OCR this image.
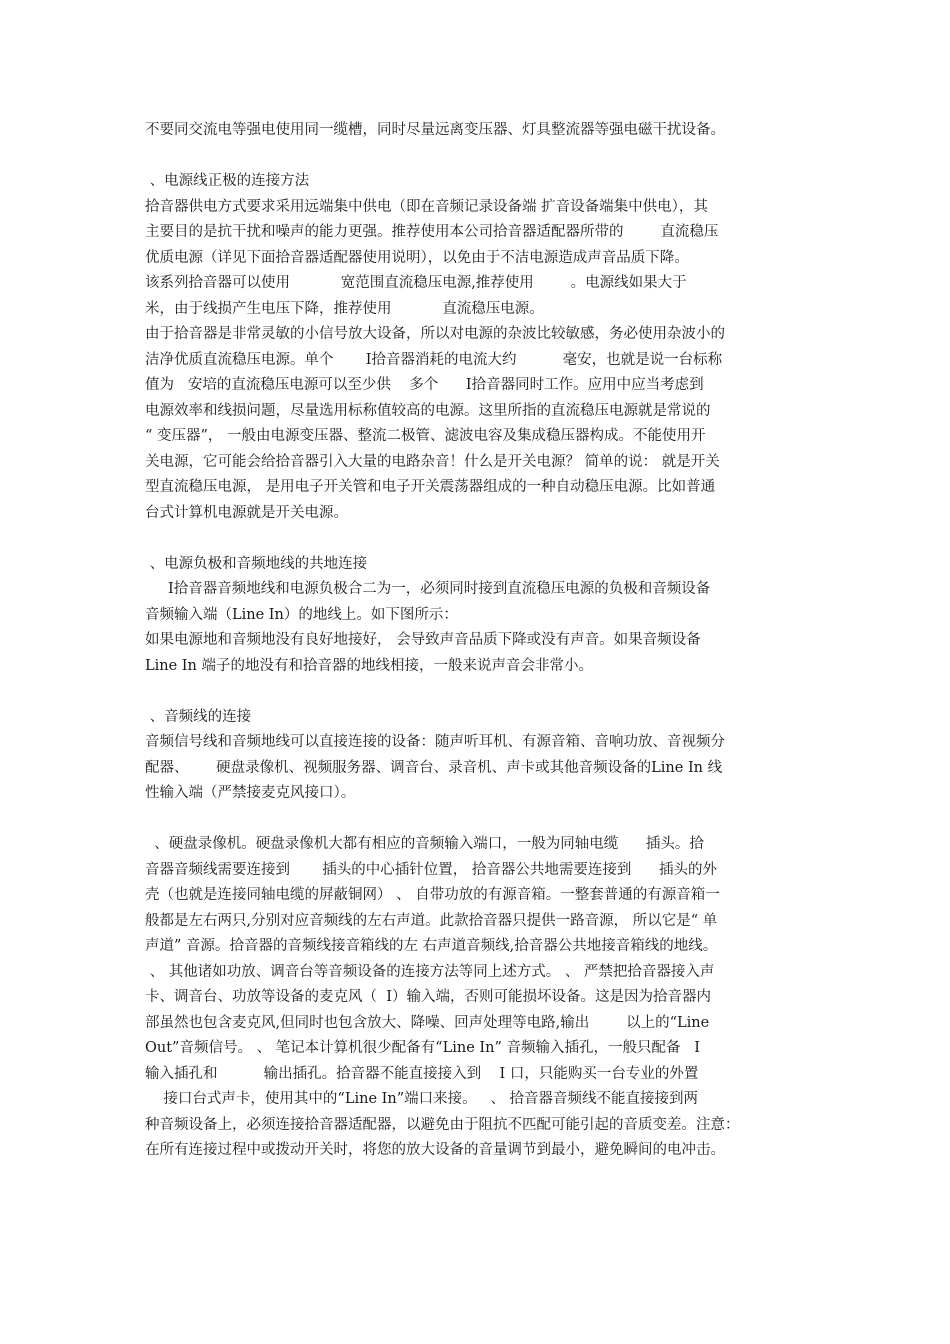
不要同交流电等强电使用同一缆槽，同时尽量远离变压器、灯具整流器等强电磁干扰设备。
、电源线正极的连接方法
拾音器供电方式要求采用远端集中供电（即在音频记录设备端 扩音设备端集中供电），其
主要目的是抗干扰和噪声的能力更强。推荐使用本公司拾音器适配器所带的        直流稳压
优质电源（详见下面拾音器适配器使用说明），以免由于不洁电源造成声音品质下降。
该系列拾音器可以使用           宽范围直流稳压电源,推荐使用        。电源线如果大于
米，由于线损产生电压下降，推荐使用           直流稳压电源。
由于拾音器是非常灵敏的小信号放大设备，所以对电源的杂波比较敏感，务必使用杂波小的
洁净优质直流稳压电源。单个       I拾音器消耗的电流大约          毫安，也就是说一台标称
值为   安培的直流稳压电源可以至少供    多个      I拾音器同时工作。应用中应当考虑到
电源效率和线损问题，尽量选用标称值较高的电源。这里所指的直流稳压电源就是常说的
“ 变压器”， 一般由电源变压器、整流二极管、滤波电容及集成稳压器构成。不能使用开
关电源，它可能会给拾音器引入大量的电路杂音！什么是开关电源？ 简单的说： 就是开关
型直流稳压电源， 是用电子开关管和电子开关震荡器组成的一种自动稳压电源。比如普通
台式计算机电源就是开关电源。
、电源负极和音频地线的共地连接
I拾音器音频地线和电源负极合二为一，必须同时接到直流稳压电源的负极和音频设备
音频输入端（Line In）的地线上。如下图所示：
如果电源地和音频地没有良好地接好， 会导致声音品质下降或没有声音。如果音频设备
Line In 端子的地没有和拾音器的地线相接，一般来说声音会非常小。
、音频线的连接
音频信号线和音频地线可以直接连接的设备：随声听耳机、有源音箱、音响功放、音视频分
配器、      硬盘录像机、视频服务器、调音台、录音机、声卡或其他音频设备的Line In 线
性输入端（严禁接麦克风接口）。
、硬盘录像机。硬盘录像机大都有相应的音频输入端口，一般为同轴电缆      插头。拾
音器音频线需要连接到       插头的中心插针位置， 拾音器公共地需要连接到      插头的外
壳（也就是连接同轴电缆的屏蔽铜网） 、 自带功放的有源音箱。一整套普通的有源音箱一
般都是左右两只,分别对应音频线的左右声道。此款拾音器只提供一路音源， 所以它是“ 单
声道” 音源。拾音器的音频线接音箱线的左 右声道音频线,拾音器公共地接音箱线的地线。
、 其他诸如功放、调音台等音频设备的连接方法等同上述方式。 、 严禁把拾音器接入声
卡、调音台、功放等设备的麦克风（  I）输入端，否则可能损坏设备。这是因为拾音器内
部虽然也包含麦克风,但同时也包含放大、降噪、回声处理等电路,输出        以上的“Line
Out”音频信号。 、 笔记本计算机很少配备有“Line In” 音频输入插孔，一般只配备   I
输入插孔和          输出插孔。拾音器不能直接接入到    I 口，只能购买一台专业的外置
接口台式声卡，使用其中的“Line In”端口来接。   、 拾音器音频线不能直接接到两
种音频设备上，必须连接拾音器适配器，以避免由于阻抗不匹配可能引起的音质变差。注意：
在所有连接过程中或拨动开关时，将您的放大设备的音量调节到最小，避免瞬间的电冲击。
